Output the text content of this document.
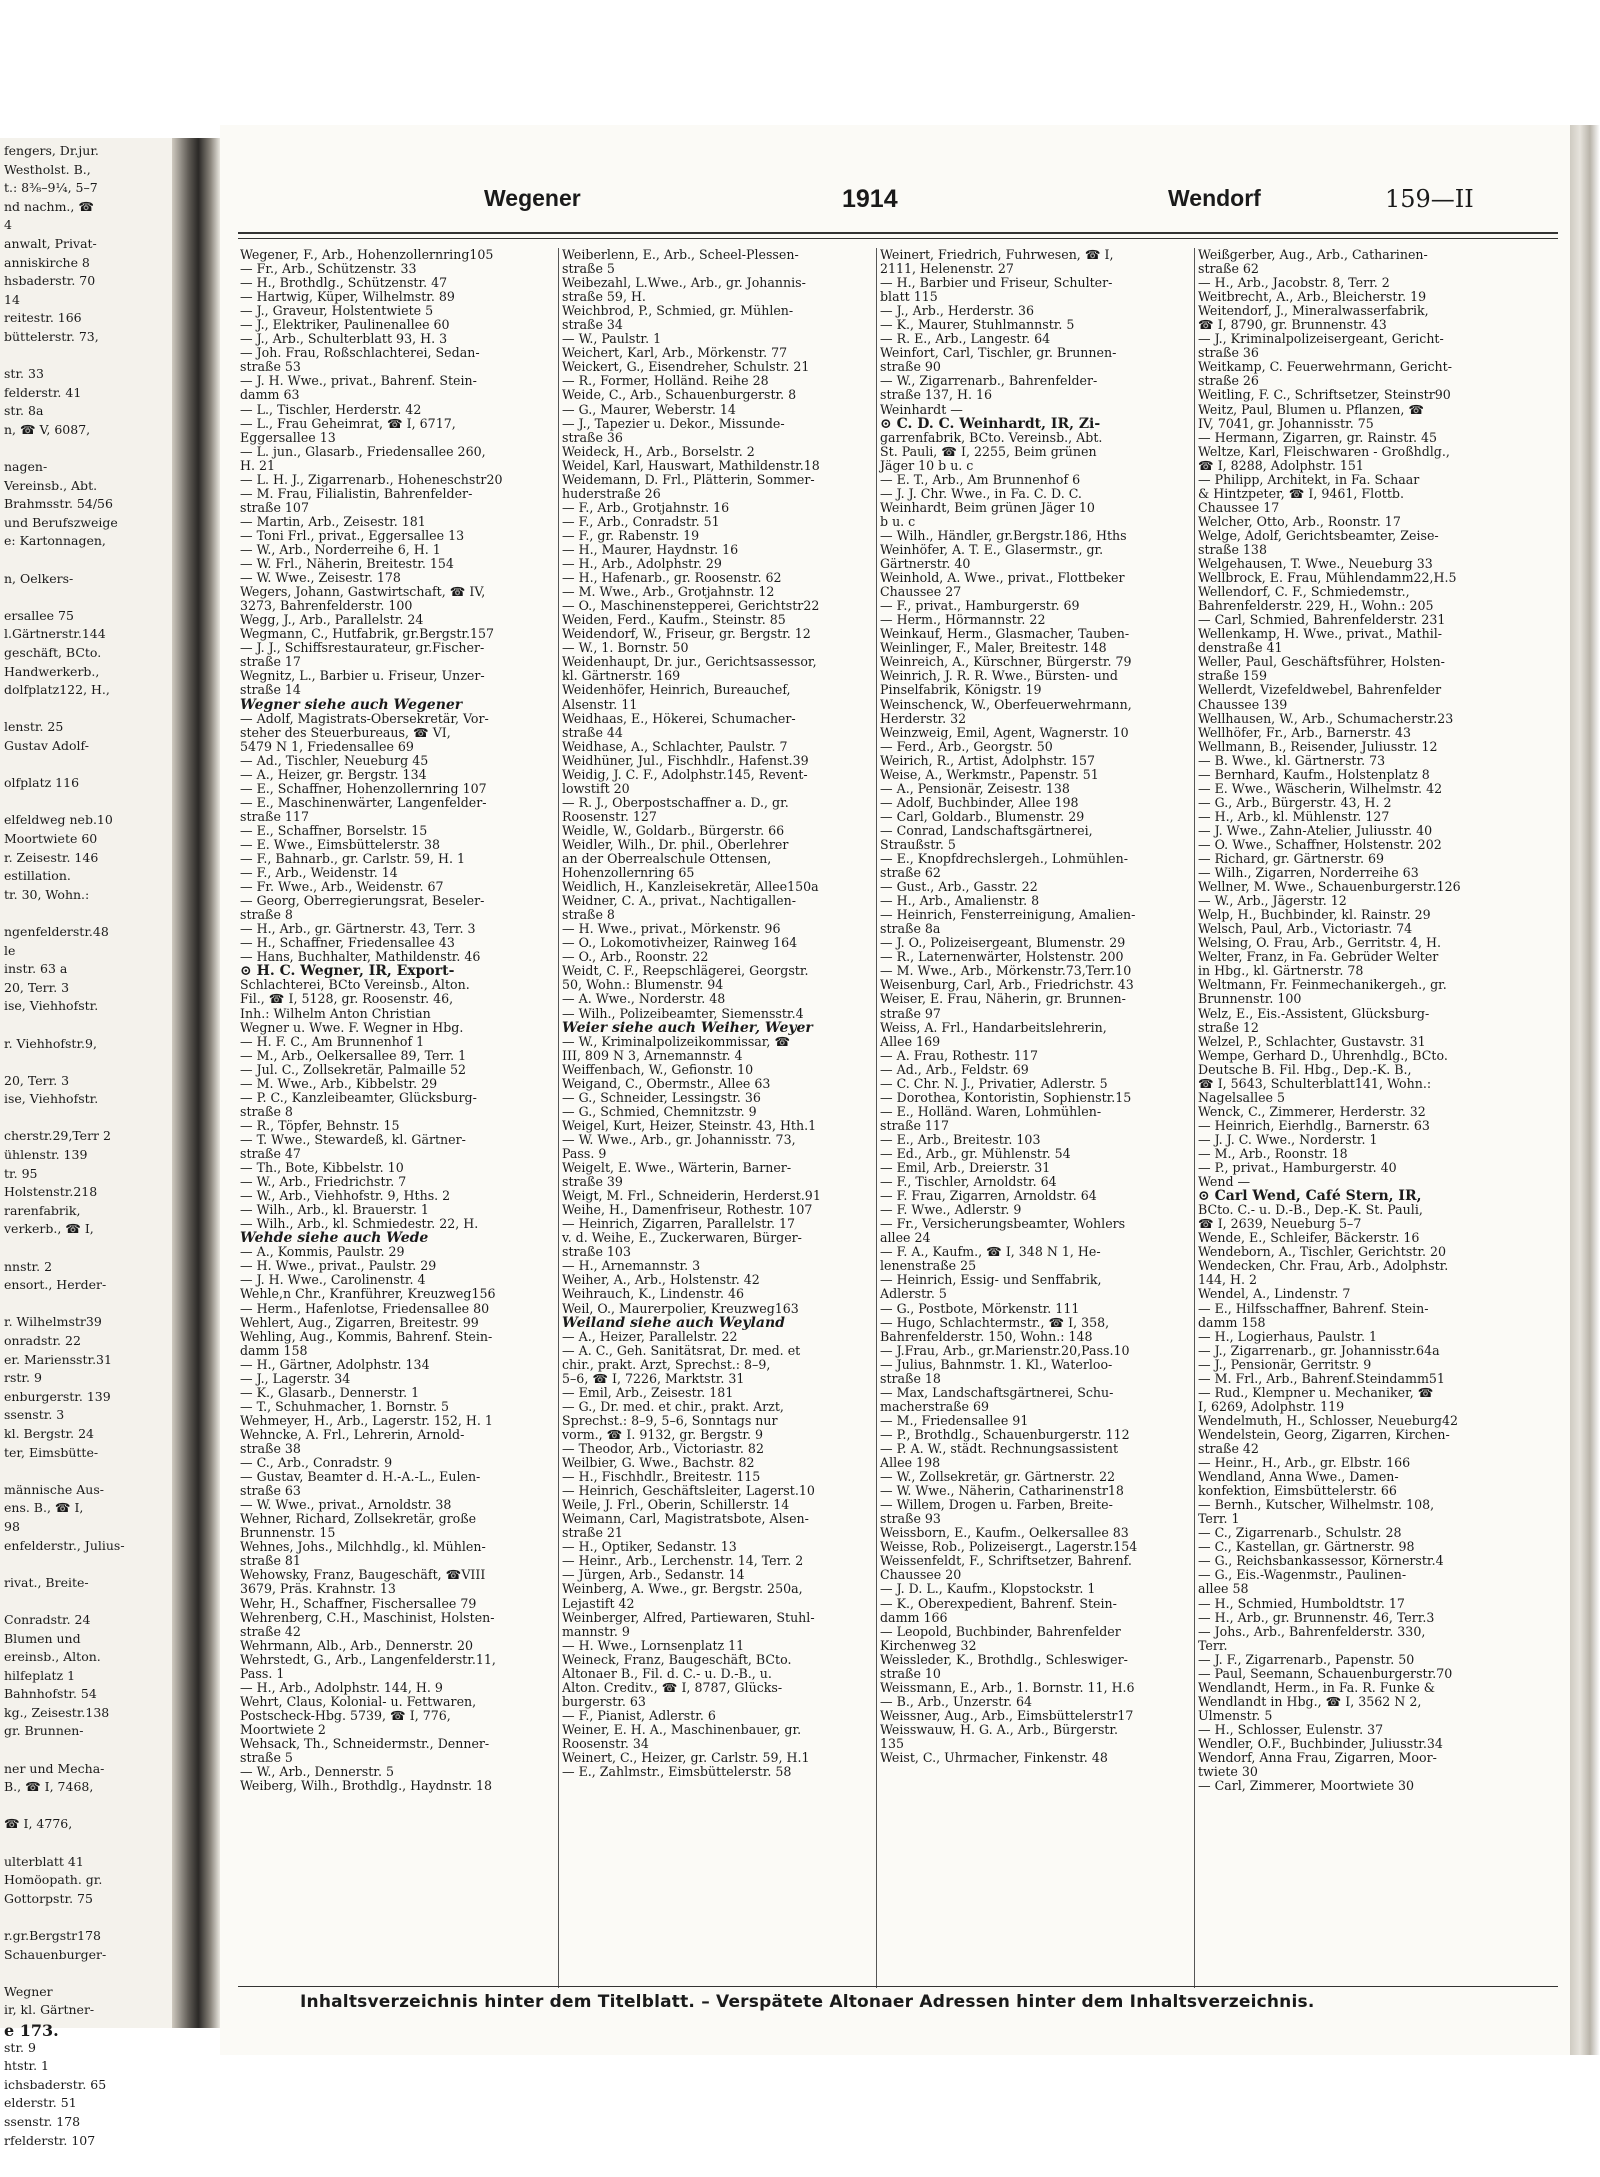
fengers, Dr.jur.
Westholst. B.,
t.: 8⅜–9¼, 5–7
nd nachm., ☎
4
anwalt, Privat-
anniskirche 8
hsbaderstr. 70
14
reitestr. 166
büttelerstr. 73,

str. 33
felderstr. 41
str. 8a
n, ☎ V, 6087,

nagen-
Vereinsb., Abt.
Brahmsstr. 54/56
und Berufszweige
e: Kartonnagen,

n, Oelkers-

ersallee 75
l.Gärtnerstr.144
geschäft, BCto.
Handwerkerb.,
dolfplatz122, H.,

lenstr. 25
Gustav Adolf-

olfplatz 116

elfeldweg neb.10
Moortwiete 60
r. Zeisestr. 146
estillation.
tr. 30, Wohn.:

ngenfelderstr.48
le
instr. 63 a
20, Terr. 3
ise, Viehhofstr.

r. Viehhofstr.9,

20, Terr. 3
ise, Viehhofstr.

cherstr.29,Terr 2
ühlenstr. 139
tr. 95
Holstenstr.218
rarenfabrik,
verkerb., ☎ I,

nnstr. 2
ensort., Herder-

r. Wilhelmstr39
onradstr. 22
er. Mariensstr.31
rstr. 9
enburgerstr. 139
ssenstr. 3
kl. Bergstr. 24
ter, Eimsbütte-

männische Aus-
ens. B., ☎ I,
98
enfelderstr., Julius-

rivat., Breite-

Conradstr. 24
Blumen und
ereinsb., Alton.
hilfeplatz 1
Bahnhofstr. 54
kg., Zeisestr.138
gr. Brunnen-

ner und Mecha-
B., ☎ I, 7468,

☎ I, 4776,

ulterblatt 41
Homöopath. gr.
Gottorpstr. 75

r.gr.Bergstr178
Schauenburger-

Wegner
ir, kl. Gärtner-

str. 9
htstr. 1
ichsbaderstr. 65
elderstr. 51
ssenstr. 178
rfelderstr. 107
e 173.
Wegener	1914	Wendorf	159—II
Wegener, F., Arb., Hohenzollernring105
— Fr., Arb., Schützenstr. 33
— H., Brothdlg., Schützenstr. 47
— Hartwig, Küper, Wilhelmstr. 89
— J., Graveur, Holstentwiete 5
— J., Elektriker, Paulinenallee 60
— J., Arb., Schulterblatt 93, H. 3
— Joh. Frau, Roßschlachterei, Sedan-
straße 53
— J. H. Wwe., privat., Bahrenf. Stein-
damm 63
— L., Tischler, Herderstr. 42
— L., Frau Geheimrat, ☎ I, 6717,
Eggersallee 13
— L. jun., Glasarb., Friedensallee 260,
H. 21
— L. H. J., Zigarrenarb., Hoheneschstr20
— M. Frau, Filialistin, Bahrenfelder-
straße 107
— Martin, Arb., Zeisestr. 181
— Toni Frl., privat., Eggersallee 13
— W., Arb., Norderreihe 6, H. 1
— W. Frl., Näherin, Breitestr. 154
— W. Wwe., Zeisestr. 178
Wegers, Johann, Gastwirtschaft, ☎ IV,
3273, Bahrenfelderstr. 100
Wegg, J., Arb., Parallelstr. 24
Wegmann, C., Hutfabrik, gr.Bergstr.157
— J. J., Schiffsrestaurateur, gr.Fischer-
straße 17
Wegnitz, L., Barbier u. Friseur, Unzer-
straße 14
Wegner siehe auch Wegener
— Adolf, Magistrats-Obersekretär, Vor-
steher des Steuerbureaus, ☎ VI,
5479 N 1, Friedensallee 69
— Ad., Tischler, Neueburg 45
— A., Heizer, gr. Bergstr. 134
— E., Schaffner, Hohenzollernring 107
— E., Maschinenwärter, Langenfelder-
straße 117
— E., Schaffner, Borselstr. 15
— E. Wwe., Eimsbüttelerstr. 38
— F., Bahnarb., gr. Carlstr. 59, H. 1
— F., Arb., Weidenstr. 14
— Fr. Wwe., Arb., Weidenstr. 67
— Georg, Oberregierungsrat, Beseler-
straße 8
— H., Arb., gr. Gärtnerstr. 43, Terr. 3
— H., Schaffner, Friedensallee 43
— Hans, Buchhalter, Mathildenstr. 46
⊙ H. C. Wegner, IR, Export-
Schlachterei, BCto Vereinsb., Alton.
Fil., ☎ I, 5128, gr. Roosenstr. 46,
Inh.: Wilhelm Anton Christian
Wegner u. Wwe. F. Wegner in Hbg.
— H. F. C., Am Brunnenhof 1
— M., Arb., Oelkersallee 89, Terr. 1
— Jul. C., Zollsekretär, Palmaille 52
— M. Wwe., Arb., Kibbelstr. 29
— P. C., Kanzleibeamter, Glücksburg-
straße 8
— R., Töpfer, Behnstr. 15
— T. Wwe., Stewardeß, kl. Gärtner-
straße 47
— Th., Bote, Kibbelstr. 10
— W., Arb., Friedrichstr. 7
— W., Arb., Viehhofstr. 9, Hths. 2
— Wilh., Arb., kl. Brauerstr. 1
— Wilh., Arb., kl. Schmiedestr. 22, H.
Wehde siehe auch Wede
— A., Kommis, Paulstr. 29
— H. Wwe., privat., Paulstr. 29
— J. H. Wwe., Carolinenstr. 4
Wehle,n Chr., Kranführer, Kreuzweg156
— Herm., Hafenlotse, Friedensallee 80
Wehlert, Aug., Zigarren, Breitestr. 99
Wehling, Aug., Kommis, Bahrenf. Stein-
damm 158
— H., Gärtner, Adolphstr. 134
— J., Lagerstr. 34
— K., Glasarb., Dennerstr. 1
— T., Schuhmacher, 1. Bornstr. 5
Wehmeyer, H., Arb., Lagerstr. 152, H. 1
Wehncke, A. Frl., Lehrerin, Arnold-
straße 38
— C., Arb., Conradstr. 9
— Gustav, Beamter d. H.-A.-L., Eulen-
straße 63
— W. Wwe., privat., Arnoldstr. 38
Wehner, Richard, Zollsekretär, große
Brunnenstr. 15
Wehnes, Johs., Milchhdlg., kl. Mühlen-
straße 81
Wehowsky, Franz, Baugeschäft, ☎VIII
3679, Präs. Krahnstr. 13
Wehr, H., Schaffner, Fischersallee 79
Wehrenberg, C.H., Maschinist, Holsten-
straße 42
Wehrmann, Alb., Arb., Dennerstr. 20
Wehrstedt, G., Arb., Langenfelderstr.11,
Pass. 1
— H., Arb., Adolphstr. 144, H. 9
Wehrt, Claus, Kolonial- u. Fettwaren,
Postscheck-Hbg. 5739, ☎ I, 776,
Moortwiete 2
Wehsack, Th., Schneidermstr., Denner-
straße 5
— W., Arb., Dennerstr. 5
Weiberg, Wilh., Brothdlg., Haydnstr. 18
Weiberlenn, E., Arb., Scheel-Plessen-
straße 5
Weibezahl, L.Wwe., Arb., gr. Johannis-
straße 59, H.
Weichbrod, P., Schmied, gr. Mühlen-
straße 34
— W., Paulstr. 1
Weichert, Karl, Arb., Mörkenstr. 77
Weickert, G., Eisendreher, Schulstr. 21
— R., Former, Holländ. Reihe 28
Weide, C., Arb., Schauenburgerstr. 8
— G., Maurer, Weberstr. 14
— J., Tapezier u. Dekor., Missunde-
straße 36
Weideck, H., Arb., Borselstr. 2
Weidel, Karl, Hauswart, Mathildenstr.18
Weidemann, D. Frl., Plätterin, Sommer-
huderstraße 26
— F., Arb., Grotjahnstr. 16
— F., Arb., Conradstr. 51
— F., gr. Rabenstr. 19
— H., Maurer, Haydnstr. 16
— H., Arb., Adolphstr. 29
— H., Hafenarb., gr. Roosenstr. 62
— M. Wwe., Arb., Grotjahnstr. 12
— O., Maschinenstepperei, Gerichtstr22
Weiden, Ferd., Kaufm., Steinstr. 85
Weidendorf, W., Friseur, gr. Bergstr. 12
— W., 1. Bornstr. 50
Weidenhaupt, Dr. jur., Gerichtsassessor,
kl. Gärtnerstr. 169
Weidenhöfer, Heinrich, Bureauchef,
Alsenstr. 11
Weidhaas, E., Hökerei, Schumacher-
straße 44
Weidhase, A., Schlachter, Paulstr. 7
Weidhüner, Jul., Fischhdlr., Hafenst.39
Weidig, J. C. F., Adolphstr.145, Revent-
lowstift 20
— R. J., Oberpostschaffner a. D., gr.
Roosenstr. 127
Weidle, W., Goldarb., Bürgerstr. 66
Weidler, Wilh., Dr. phil., Oberlehrer
an der Oberrealschule Ottensen,
Hohenzollernring 65
Weidlich, H., Kanzleisekretär, Allee150a
Weidner, C. A., privat., Nachtigallen-
straße 8
— H. Wwe., privat., Mörkenstr. 96
— O., Lokomotivheizer, Rainweg 164
— O., Arb., Roonstr. 22
Weidt, C. F., Reepschlägerei, Georgstr.
50, Wohn.: Blumenstr. 94
— A. Wwe., Norderstr. 48
— Wilh., Polizeibeamter, Siemensstr.4
Weier siehe auch Weiher, Weyer
— W., Kriminalpolizeikommissar, ☎
III, 809 N 3, Arnemannstr. 4
Weiffenbach, W., Gefionstr. 10
Weigand, C., Obermstr., Allee 63
— G., Schneider, Lessingstr. 36
— G., Schmied, Chemnitzstr. 9
Weigel, Kurt, Heizer, Steinstr. 43, Hth.1
— W. Wwe., Arb., gr. Johannisstr. 73,
Pass. 9
Weigelt, E. Wwe., Wärterin, Barner-
straße 39
Weigt, M. Frl., Schneiderin, Herderst.91
Weihe, H., Damenfriseur, Rothestr. 107
— Heinrich, Zigarren, Parallelstr. 17
v. d. Weihe, E., Zuckerwaren, Bürger-
straße 103
— H., Arnemannstr. 3
Weiher, A., Arb., Holstenstr. 42
Weihrauch, K., Lindenstr. 46
Weil, O., Maurerpolier, Kreuzweg163
Weiland siehe auch Weyland
— A., Heizer, Parallelstr. 22
— A. C., Geh. Sanitätsrat, Dr. med. et
chir., prakt. Arzt, Sprechst.: 8–9,
5–6, ☎ I, 7226, Marktstr. 31
— Emil, Arb., Zeisestr. 181
— G., Dr. med. et chir., prakt. Arzt,
Sprechst.: 8–9, 5–6, Sonntags nur
vorm., ☎ I. 9132, gr. Bergstr. 9
— Theodor, Arb., Victoriastr. 82
Weilbier, G. Wwe., Bachstr. 82
— H., Fischhdlr., Breitestr. 115
— Heinrich, Geschäftsleiter, Lagerst.10
Weile, J. Frl., Oberin, Schillerstr. 14
Weimann, Carl, Magistratsbote, Alsen-
straße 21
— H., Optiker, Sedanstr. 13
— Heinr., Arb., Lerchenstr. 14, Terr. 2
— Jürgen, Arb., Sedanstr. 14
Weinberg, A. Wwe., gr. Bergstr. 250a,
Lejastift 42
Weinberger, Alfred, Partiewaren, Stuhl-
mannstr. 9
— H. Wwe., Lornsenplatz 11
Weineck, Franz, Baugeschäft, BCto.
Altonaer B., Fil. d. C.- u. D.-B., u.
Alton. Creditv., ☎ I, 8787, Glücks-
burgerstr. 63
— F., Pianist, Adlerstr. 6
Weiner, E. H. A., Maschinenbauer, gr.
Roosenstr. 34
Weinert, C., Heizer, gr. Carlstr. 59, H.1
— E., Zahlmstr., Eimsbüttelerstr. 58
Weinert, Friedrich, Fuhrwesen, ☎ I,
2111, Helenenstr. 27
— H., Barbier und Friseur, Schulter-
blatt 115
— J., Arb., Herderstr. 36
— K., Maurer, Stuhlmannstr. 5
— R. E., Arb., Langestr. 64
Weinfort, Carl, Tischler, gr. Brunnen-
straße 90
— W., Zigarrenarb., Bahrenfelder-
straße 137, H. 16
Weinhardt —
⊙ C. D. C. Weinhardt, IR, Zi-
garrenfabrik, BCto. Vereinsb., Abt.
St. Pauli, ☎ I, 2255, Beim grünen
Jäger 10 b u. c
— E. T., Arb., Am Brunnenhof 6
— J. J. Chr. Wwe., in Fa. C. D. C.
Weinhardt, Beim grünen Jäger 10
b u. c
— Wilh., Händler, gr.Bergstr.186, Hths
Weinhöfer, A. T. E., Glasermstr., gr.
Gärtnerstr. 40
Weinhold, A. Wwe., privat., Flottbeker
Chaussee 27
— F., privat., Hamburgerstr. 69
— Herm., Hörmannstr. 22
Weinkauf, Herm., Glasmacher, Tauben-
Weinlinger, F., Maler, Breitestr. 148
Weinreich, A., Kürschner, Bürgerstr. 79
Weinrich, J. R. R. Wwe., Bürsten- und
Pinselfabrik, Königstr. 19
Weinschenck, W., Oberfeuerwehrmann,
Herderstr. 32
Weinzweig, Emil, Agent, Wagnerstr. 10
— Ferd., Arb., Georgstr. 50
Weirich, R., Artist, Adolphstr. 157
Weise, A., Werkmstr., Papenstr. 51
— A., Pensionär, Zeisestr. 138
— Adolf, Buchbinder, Allee 198
— Carl, Goldarb., Blumenstr. 29
— Conrad, Landschaftsgärtnerei,
Straußstr. 5
— E., Knopfdrechslergeh., Lohmühlen-
straße 62
— Gust., Arb., Gasstr. 22
— H., Arb., Amalienstr. 8
— Heinrich, Fensterreinigung, Amalien-
straße 8a
— J. O., Polizeisergeant, Blumenstr. 29
— R., Laternenwärter, Holstenstr. 200
— M. Wwe., Arb., Mörkenstr.73,Terr.10
Weisenburg, Carl, Arb., Friedrichstr. 43
Weiser, E. Frau, Näherin, gr. Brunnen-
straße 97
Weiss, A. Frl., Handarbeitslehrerin,
Allee 169
— A. Frau, Rothestr. 117
— Ad., Arb., Feldstr. 69
— C. Chr. N. J., Privatier, Adlerstr. 5
— Dorothea, Kontoristin, Sophienstr.15
— E., Holländ. Waren, Lohmühlen-
straße 117
— E., Arb., Breitestr. 103
— Ed., Arb., gr. Mühlenstr. 54
— Emil, Arb., Dreierstr. 31
— F., Tischler, Arnoldstr. 64
— F. Frau, Zigarren, Arnoldstr. 64
— F. Wwe., Adlerstr. 9
— Fr., Versicherungsbeamter, Wohlers
allee 24
— F. A., Kaufm., ☎ I, 348 N 1, He-
lenenstraße 25
— Heinrich, Essig- und Senffabrik,
Adlerstr. 5
— G., Postbote, Mörkenstr. 111
— Hugo, Schlachtermstr., ☎ I, 358,
Bahrenfelderstr. 150, Wohn.: 148
— J.Frau, Arb., gr.Marienstr.20,Pass.10
— Julius, Bahnmstr. 1. Kl., Waterloo-
straße 18
— Max, Landschaftsgärtnerei, Schu-
macherstraße 69
— M., Friedensallee 91
— P., Brothdlg., Schauenburgerstr. 112
— P. A. W., städt. Rechnungsassistent
Allee 198
— W., Zollsekretär, gr. Gärtnerstr. 22
— W. Wwe., Näherin, Catharinenstr18
— Willem, Drogen u. Farben, Breite-
straße 93
Weissborn, E., Kaufm., Oelkersallee 83
Weisse, Rob., Polizeisergt., Lagerstr.154
Weissenfeldt, F., Schriftsetzer, Bahrenf.
Chaussee 20
— J. D. L., Kaufm., Klopstockstr. 1
— K., Oberexpedient, Bahrenf. Stein-
damm 166
— Leopold, Buchbinder, Bahrenfelder
Kirchenweg 32
Weissleder, K., Brothdlg., Schleswiger-
straße 10
Weissmann, E., Arb., 1. Bornstr. 11, H.6
— B., Arb., Unzerstr. 64
Weissner, Aug., Arb., Eimsbüttelerstr17
Weisswauw, H. G. A., Arb., Bürgerstr.
135
Weist, C., Uhrmacher, Finkenstr. 48
Weißgerber, Aug., Arb., Catharinen-
straße 62
— H., Arb., Jacobstr. 8, Terr. 2
Weitbrecht, A., Arb., Bleicherstr. 19
Weitendorf, J., Mineralwasserfabrik,
☎ I, 8790, gr. Brunnenstr. 43
— J., Kriminalpolizeisergeant, Gericht-
straße 36
Weitkamp, C. Feuerwehrmann, Gericht-
straße 26
Weitling, F. C., Schriftsetzer, Steinstr90
Weitz, Paul, Blumen u. Pflanzen, ☎
IV, 7041, gr. Johannisstr. 75
— Hermann, Zigarren, gr. Rainstr. 45
Weltze, Karl, Fleischwaren - Großhdlg.,
☎ I, 8288, Adolphstr. 151
— Philipp, Architekt, in Fa. Schaar
& Hintzpeter, ☎ I, 9461, Flottb.
Chaussee 17
Welcher, Otto, Arb., Roonstr. 17
Welge, Adolf, Gerichtsbeamter, Zeise-
straße 138
Welgehausen, T. Wwe., Neueburg 33
Wellbrock, E. Frau, Mühlendamm22,H.5
Wellendorf, C. F., Schmiedemstr.,
Bahrenfelderstr. 229, H., Wohn.: 205
— Carl, Schmied, Bahrenfelderstr. 231
Wellenkamp, H. Wwe., privat., Mathil-
denstraße 41
Weller, Paul, Geschäftsführer, Holsten-
straße 159
Wellerdt, Vizefeldwebel, Bahrenfelder
Chaussee 139
Wellhausen, W., Arb., Schumacherstr.23
Wellhöfer, Fr., Arb., Barnerstr. 43
Wellmann, B., Reisender, Juliusstr. 12
— B. Wwe., kl. Gärtnerstr. 73
— Bernhard, Kaufm., Holstenplatz 8
— E. Wwe., Wäscherin, Wilhelmstr. 42
— G., Arb., Bürgerstr. 43, H. 2
— H., Arb., kl. Mühlenstr. 127
— J. Wwe., Zahn-Atelier, Juliusstr. 40
— O. Wwe., Schaffner, Holstenstr. 202
— Richard, gr. Gärtnerstr. 69
— Wilh., Zigarren, Norderreihe 63
Wellner, M. Wwe., Schauenburgerstr.126
— W., Arb., Jägerstr. 12
Welp, H., Buchbinder, kl. Rainstr. 29
Welsch, Paul, Arb., Victoriastr. 74
Welsing, O. Frau, Arb., Gerritstr. 4, H.
Welter, Franz, in Fa. Gebrüder Welter
in Hbg., kl. Gärtnerstr. 78
Weltmann, Fr. Feinmechanikergeh., gr.
Brunnenstr. 100
Welz, E., Eis.-Assistent, Glücksburg-
straße 12
Welzel, P., Schlachter, Gustavstr. 31
Wempe, Gerhard D., Uhrenhdlg., BCto.
Deutsche B. Fil. Hbg., Dep.-K. B.,
☎ I, 5643, Schulterblatt141, Wohn.:
Nagelsallee 5
Wenck, C., Zimmerer, Herderstr. 32
— Heinrich, Eierhdlg., Barnerstr. 63
— J. J. C. Wwe., Norderstr. 1
— M., Arb., Roonstr. 18
— P., privat., Hamburgerstr. 40
Wend —
⊙ Carl Wend, Café Stern, IR,
BCto. C.- u. D.-B., Dep.-K. St. Pauli,
☎ I, 2639, Neueburg 5–7
Wende, E., Schleifer, Bäckerstr. 16
Wendeborn, A., Tischler, Gerichtstr. 20
Wendecken, Chr. Frau, Arb., Adolphstr.
144, H. 2
Wendel, A., Lindenstr. 7
— E., Hilfsschaffner, Bahrenf. Stein-
damm 158
— H., Logierhaus, Paulstr. 1
— J., Zigarrenarb., gr. Johannisstr.64a
— J., Pensionär, Gerritstr. 9
— M. Frl., Arb., Bahrenf.Steindamm51
— Rud., Klempner u. Mechaniker, ☎
I, 6269, Adolphstr. 119
Wendelmuth, H., Schlosser, Neueburg42
Wendelstein, Georg, Zigarren, Kirchen-
straße 42
— Heinr., H., Arb., gr. Elbstr. 166
Wendland, Anna Wwe., Damen-
konfektion, Eimsbüttelerstr. 66
— Bernh., Kutscher, Wilhelmstr. 108,
Terr. 1
— C., Zigarrenarb., Schulstr. 28
— C., Kastellan, gr. Gärtnerstr. 98
— G., Reichsbankassessor, Körnerstr.4
— G., Eis.-Wagenmstr., Paulinen-
allee 58
— H., Schmied, Humboldtstr. 17
— H., Arb., gr. Brunnenstr. 46, Terr.3
— Johs., Arb., Bahrenfelderstr. 330,
Terr.
— J. F., Zigarrenarb., Papenstr. 50
— Paul, Seemann, Schauenburgerstr.70
Wendlandt, Herm., in Fa. R. Funke &
Wendlandt in Hbg., ☎ I, 3562 N 2,
Ulmenstr. 5
— H., Schlosser, Eulenstr. 37
Wendler, O.F., Buchbinder, Juliusstr.34
Wendorf, Anna Frau, Zigarren, Moor-
twiete 30
— Carl, Zimmerer, Moortwiete 30
Inhaltsverzeichnis hinter dem Titelblatt. – Verspätete Altonaer Adressen hinter dem Inhaltsverzeichnis.
